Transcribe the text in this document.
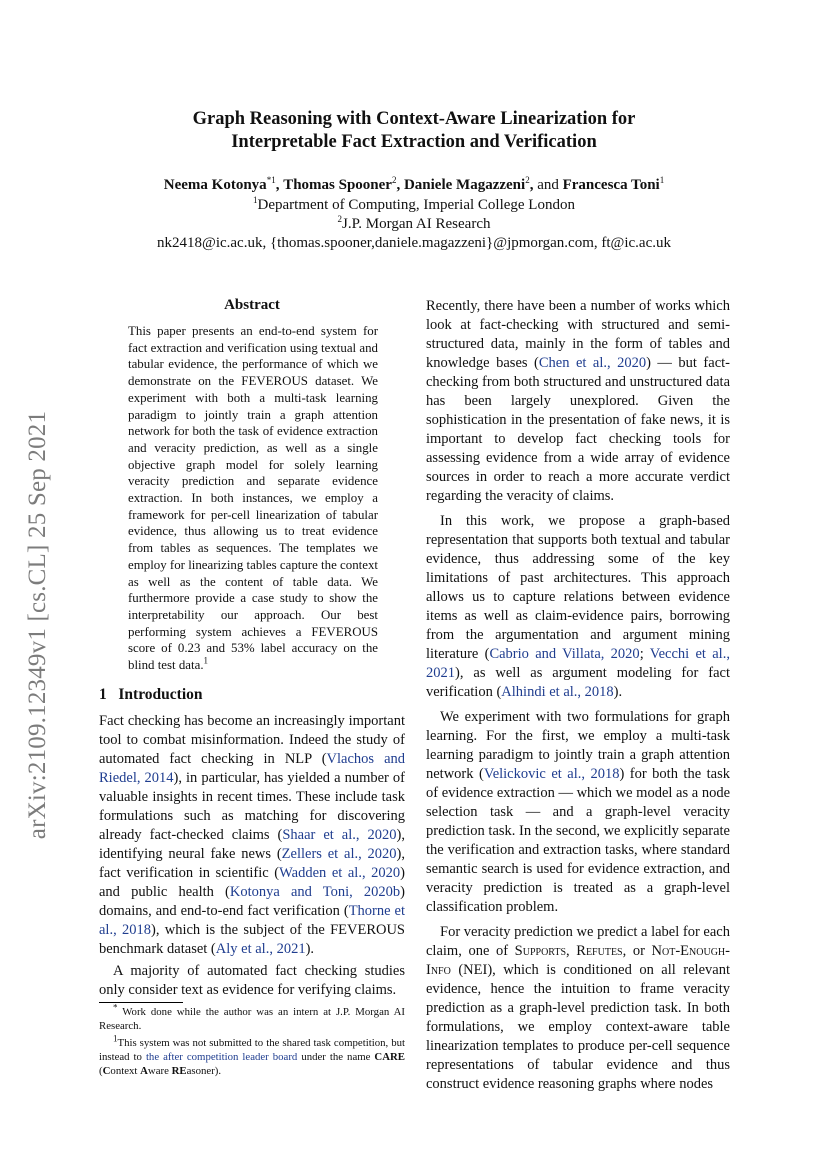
arXiv:2109.12349v1 [cs.CL] 25 Sep 2021
Graph Reasoning with Context-Aware Linearization for
Interpretable Fact Extraction and Verification
Neema Kotonya$^{*1}$, Thomas Spooner$^2$, Daniele Magazzeni$^2$, and Francesca Toni$^1$
$^1$Department of Computing, Imperial College London
$^2$J.P. Morgan AI Research
nk2418@ic.ac.uk, {thomas.spooner,daniele.magazzeni}@jpmorgan.com, ft@ic.ac.uk
Abstract
This paper presents an end-to-end system for fact extraction and verification using textual and tabular evidence, the performance of which we demonstrate on the FEVEROUS dataset. We experiment with both a multi-task learning paradigm to jointly train a graph attention network for both the task of evidence extraction and veracity prediction, as well as a single objective graph model for solely learning veracity prediction and separate evidence extraction. In both instances, we employ a framework for per-cell linearization of tabular evidence, thus allowing us to treat evidence from tables as sequences. The templates we employ for linearizing tables capture the context as well as the content of table data. We furthermore provide a case study to show the interpretability our approach. Our best performing system achieves a FEVEROUS score of 0.23 and 53% label accuracy on the blind test data.$^1$
1 Introduction

Fact checking has become an increasingly important tool to combat misinformation. Indeed the study of automated fact checking in NLP (Vlachos and Riedel, 2014), in particular, has yielded a number of valuable insights in recent times. These include task formulations such as matching for discovering already fact-checked claims (Shaar et al., 2020), identifying neural fake news (Zellers et al., 2020), fact verification in scientific (Wadden et al., 2020) and public health (Kotonya and Toni, 2020b) domains, and end-to-end fact verification (Thorne et al., 2018), which is the subject of the FEVEROUS benchmark dataset (Aly et al., 2021).

A majority of automated fact checking studies only consider text as evidence for verifying claims.

* Work done while the author was an intern at J.P. Morgan AI Research.
$^1$This system was not submitted to the shared task competition, but instead to the after competition leader board under the name CARE (Context Aware REasoner).

Recently, there have been a number of works which look at fact-checking with structured and semi-structured data, mainly in the form of tables and knowledge bases (Chen et al., 2020) — but fact-checking from both structured and unstructured data has been largely unexplored. Given the sophistication in the presentation of fake news, it is important to develop fact checking tools for assessing evidence from a wide array of evidence sources in order to reach a more accurate verdict regarding the veracity of claims.

In this work, we propose a graph-based representation that supports both textual and tabular evidence, thus addressing some of the key limitations of past architectures. This approach allows us to capture relations between evidence items as well as claim-evidence pairs, borrowing from the argumentation and argument mining literature (Cabrio and Villata, 2020; Vecchi et al., 2021), as well as argument modeling for fact verification (Alhindi et al., 2018).

We experiment with two formulations for graph learning. For the first, we employ a multi-task learning paradigm to jointly train a graph attention network (Velickovic et al., 2018) for both the task of evidence extraction — which we model as a node selection task — and a graph-level veracity prediction task. In the second, we explicitly separate the verification and extraction tasks, where standard semantic search is used for evidence extraction, and veracity prediction is treated as a graph-level classification problem.

For veracity prediction we predict a label for each claim, one of Supports, Refutes, or Not-Enough-Info (NEI), which is conditioned on all relevant evidence, hence the intuition to frame veracity prediction as a graph-level prediction task. In both formulations, we employ context-aware table linearization templates to produce per-cell sequence representations of tabular evidence and thus construct evidence reasoning graphs where nodes
